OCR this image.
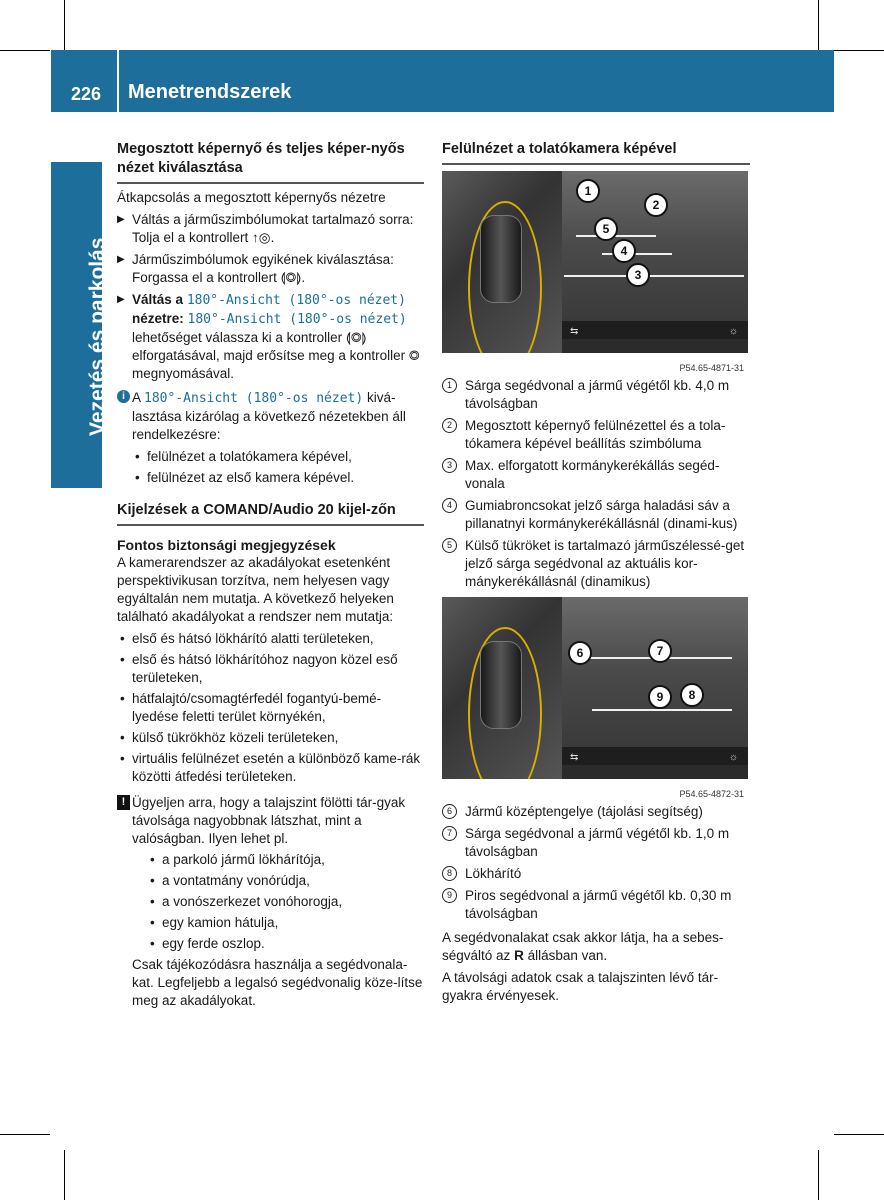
226 Menetrendszerek
Vezetés és parkolás
Megosztott képernyő és teljes képer-nyős nézet kiválasztása

Átkapcsolás a megosztott képernyős nézetre

▶ Váltás a járműszimbólumokat tartalmazó sorra: Tolja el a kontrollert ↑◎.
▶ Járműszimbólumok egyikének kiválasztása: Forgassa el a kontrollert ⟬◎⟭.
▶ Váltás a 180°-Ansicht (180°-os nézet) nézetre: 180°-Ansicht (180°-os nézet) lehetőséget válassza ki a kontroller ⟬◎⟭ elforgatásával, majd erősítse meg a kontroller ◎ megnyomásával.
i A 180°-Ansicht (180°-os nézet) kivá-lasztása kizárólag a következő nézetekben áll rendelkezésre:
• felülnézet a tolatókamera képével,
• felülnézet az első kamera képével.
Kijelzések a COMAND/Audio 20 kijel-zőn
Fontos biztonsági megjegyzések

A kamerarendszer az akadályokat esetenként perspektivikusan torzítva, nem helyesen vagy egyáltalán nem mutatja. A következő helyeken található akadályokat a rendszer nem mutatja:

• első és hátsó lökhárító alatti területeken,
• első és hátsó lökhárítóhoz nagyon közel eső területeken,
• hátfalajtó/csomagtérfedél fogantyú-bemé-lyedése feletti terület környékén,
• külső tükrökhöz közeli területeken,
• virtuális felülnézet esetén a különböző kame-rák közötti átfedési területeken.
! Ügyeljen arra, hogy a talajszint fölötti tár-gyak távolsága nagyobbnak látszhat, mint a valóságban. Ilyen lehet pl.
• a parkoló jármű lökhárítója,
• a vontatmány vonórúdja,
• a vonószerkezet vonóhorogja,
• egy kamion hátulja,
• egy ferde oszlop.

Csak tájékozódásra használja a segédvonala-kat. Legfeljebb a legalsó segédvonalig köze-lítse meg az akadályokat.

Felülnézet a tolatókamera képével
1
2
5
4
3
⇆	☼
P54.65-4871-31
1 Sárga segédvonal a jármű végétől kb. 4,0 m távolságban
2 Megosztott képernyő felülnézettel és a tola-tókamera képével beállítás szimbóluma
3 Max. elforgatott kormánykerékállás segéd-vonala
4 Gumiabroncsokat jelző sárga haladási sáv a pillanatnyi kormánykerékállásnál (dinami-kus)
5 Külső tükröket is tartalmazó járműszélessé-get jelző sárga segédvonal az aktuális kor-mánykerékállásnál (dinamikus)
6	7
9	8
⇆	☼
P54.65-4872-31
6 Jármű középtengelye (tájolási segítség)
7 Sárga segédvonal a jármű végétől kb. 1,0 m távolságban
8 Lökhárító
9 Piros segédvonal a jármű végétől kb. 0,30 m távolságban

A segédvonalakat csak akkor látja, ha a sebes-ségváltó az R állásban van.

A távolsági adatok csak a talajszinten lévő tár-gyakra érvényesek.
